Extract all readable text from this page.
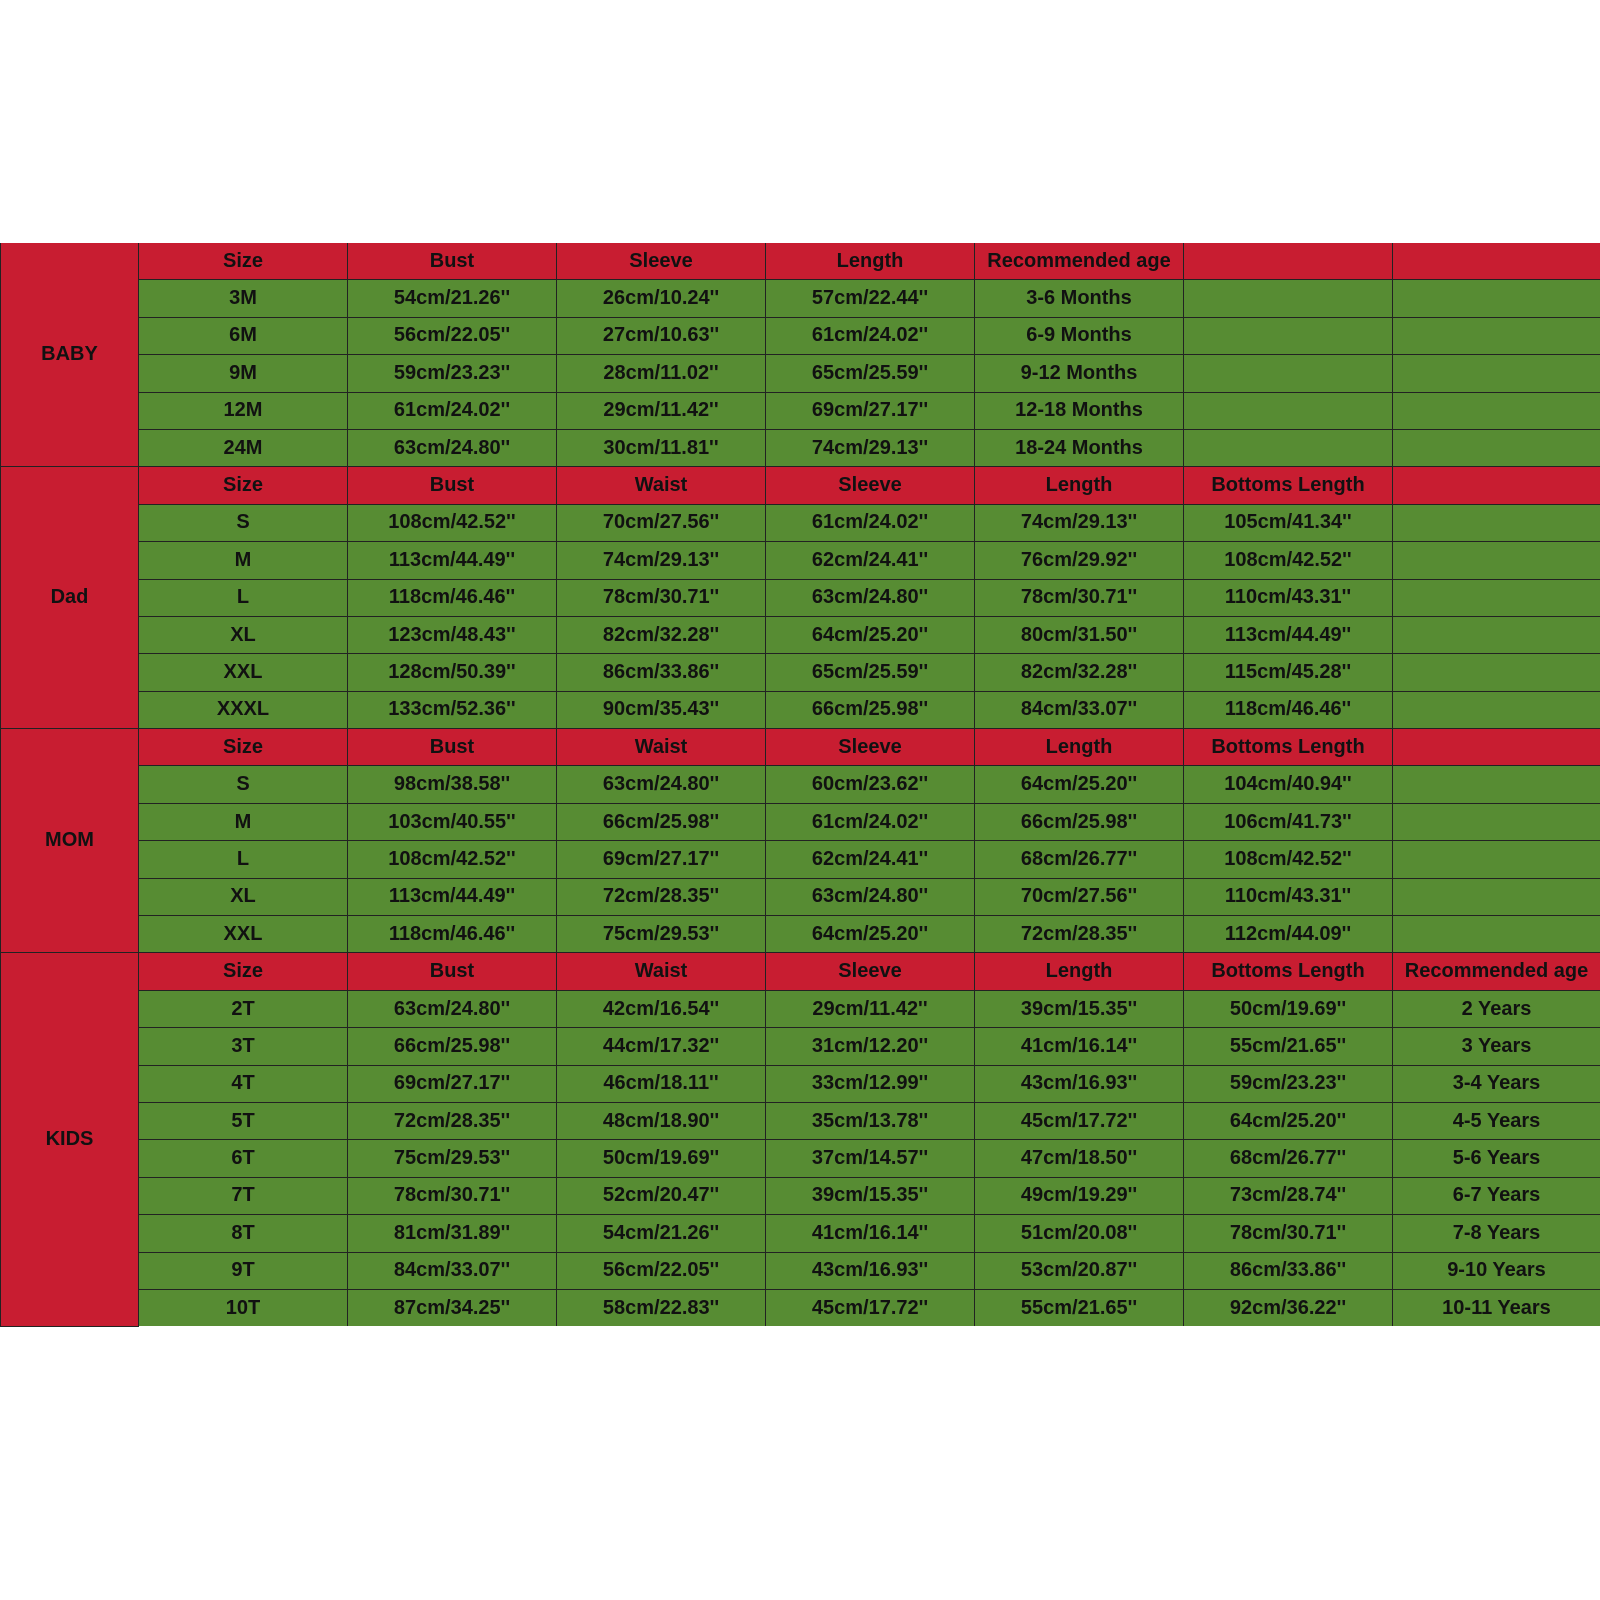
BABY	Size	Bust	Sleeve	Length	Recommended age		
	3M	54cm/21.26''	26cm/10.24''	57cm/22.44''	3-6 Months		
	6M	56cm/22.05''	27cm/10.63''	61cm/24.02''	6-9 Months		
	9M	59cm/23.23''	28cm/11.02''	65cm/25.59''	9-12 Months		
	12M	61cm/24.02''	29cm/11.42''	69cm/27.17''	12-18 Months		
	24M	63cm/24.80''	30cm/11.81''	74cm/29.13''	18-24 Months		
Dad	Size	Bust	Waist	Sleeve	Length	Bottoms Length	
	S	108cm/42.52''	70cm/27.56''	61cm/24.02''	74cm/29.13''	105cm/41.34''	
	M	113cm/44.49''	74cm/29.13''	62cm/24.41''	76cm/29.92''	108cm/42.52''	
	L	118cm/46.46''	78cm/30.71''	63cm/24.80''	78cm/30.71''	110cm/43.31''	
	XL	123cm/48.43''	82cm/32.28''	64cm/25.20''	80cm/31.50''	113cm/44.49''	
	XXL	128cm/50.39''	86cm/33.86''	65cm/25.59''	82cm/32.28''	115cm/45.28''	
	XXXL	133cm/52.36''	90cm/35.43''	66cm/25.98''	84cm/33.07''	118cm/46.46''	
MOM	Size	Bust	Waist	Sleeve	Length	Bottoms Length	
	S	98cm/38.58''	63cm/24.80''	60cm/23.62''	64cm/25.20''	104cm/40.94''	
	M	103cm/40.55''	66cm/25.98''	61cm/24.02''	66cm/25.98''	106cm/41.73''	
	L	108cm/42.52''	69cm/27.17''	62cm/24.41''	68cm/26.77''	108cm/42.52''	
	XL	113cm/44.49''	72cm/28.35''	63cm/24.80''	70cm/27.56''	110cm/43.31''	
	XXL	118cm/46.46''	75cm/29.53''	64cm/25.20''	72cm/28.35''	112cm/44.09''	
KIDS	Size	Bust	Waist	Sleeve	Length	Bottoms Length	Recommended age
	2T	63cm/24.80''	42cm/16.54''	29cm/11.42''	39cm/15.35''	50cm/19.69''	2 Years
	3T	66cm/25.98''	44cm/17.32''	31cm/12.20''	41cm/16.14''	55cm/21.65''	3 Years
	4T	69cm/27.17''	46cm/18.11''	33cm/12.99''	43cm/16.93''	59cm/23.23''	3-4 Years
	5T	72cm/28.35''	48cm/18.90''	35cm/13.78''	45cm/17.72''	64cm/25.20''	4-5 Years
	6T	75cm/29.53''	50cm/19.69''	37cm/14.57''	47cm/18.50''	68cm/26.77''	5-6 Years
	7T	78cm/30.71''	52cm/20.47''	39cm/15.35''	49cm/19.29''	73cm/28.74''	6-7 Years
	8T	81cm/31.89''	54cm/21.26''	41cm/16.14''	51cm/20.08''	78cm/30.71''	7-8 Years
	9T	84cm/33.07''	56cm/22.05''	43cm/16.93''	53cm/20.87''	86cm/33.86''	9-10 Years
	10T	87cm/34.25''	58cm/22.83''	45cm/17.72''	55cm/21.65''	92cm/36.22''	10-11 Years
